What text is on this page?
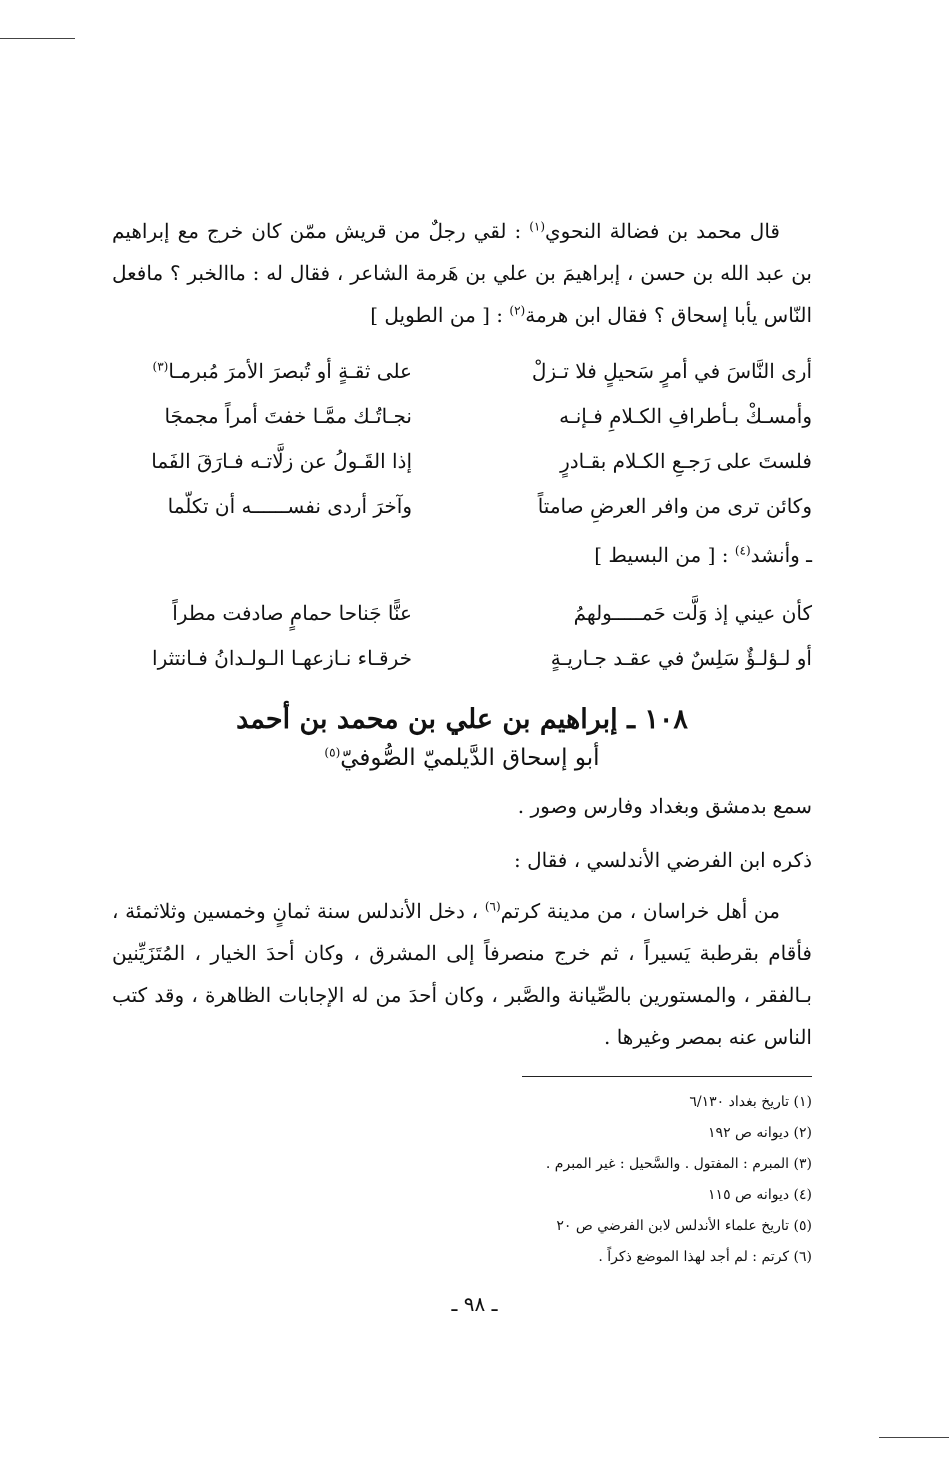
قال محمد بن فضالة النحوي$^{(١)}$ : لقي رجلٌ من قريش ممّن كان خرج مع إبراهيم بن عبد الله بن حسن ، إبراهيمَ بن علي بن هَرمة الشاعر ، فقال له : ماالخبر ؟ مافعل النّاس يأبا إسحاق ؟ فقال ابن هرمة$^{(٢)}$ : [ من الطويل ]

أرى النَّاسَ في أمرٍ سَحيلٍ فلا تـزلْ
على ثقـةٍ أو تُبصرَ الأمرَ مُبرمـا$^{(٣)}$
وأمسـكْ بـأطرافِ الكـلامِ فـإنـه
نجـاتُـك ممَّـا خفتَ أمراً مجمجَا
فلستَ على رَجـعِ الكـلام بقـادرٍ
إذا القَـولُ عن زلَّاتـه فـارَقَ الفَما
وكائن ترى من وافر العرضِ صامتاً
وآخرَ أردى نفســــــه أن تكلّما
ـ وأنشد$^{(٤)}$ : [ من البسيط ]
كأن عيني إذ وَلَّت حَمـــــولهمُ
عنًّا جَناحا حمامٍ صادفت مطراً
أو لـؤلـؤٌ سَلِسٌ في عقـد جـاريـةٍ
خرقـاء نـازعهـا الـولـدانُ فـانتثرا
١٠٨ ـ إبراهيم بن علي بن محمد بن أحمد
أبو إسحاق الدَّيلميّ الصُّوفيّ$^{(٥)}$
سمع بدمشق وبغداد وفارس وصور .
ذكره ابن الفرضي الأندلسي ، فقال :

من أهل خراسان ، من مدينة كرتم$^{(٦)}$ ، دخل الأندلس سنة ثمانٍ وخمسين وثلاثمئة ، فأقام بقرطبة يَسيراً ، ثم خرج منصرفاً إلى المشرق ، وكان أحدَ الخيار ، المُتَزَيِّنين بـالفقر ، والمستورين بالصِّيانة والصَّبر ، وكان أحدَ من له الإجابات الظاهرة ، وقد كتب الناس عنه بمصر وغيرها .

(١) تاريخ بغداد ٦/١٣٠
(٢) ديوانه ص ١٩٢
(٣) المبرم : المفتول . والسَّحيل : غير المبرم .
(٤) ديوانه ص ١١٥
(٥) تاريخ علماء الأندلس لابن الفرضي ص ٢٠
(٦) كرتم : لم أجد لهذا الموضع ذكراً .
ـ ٩٨ ـ
